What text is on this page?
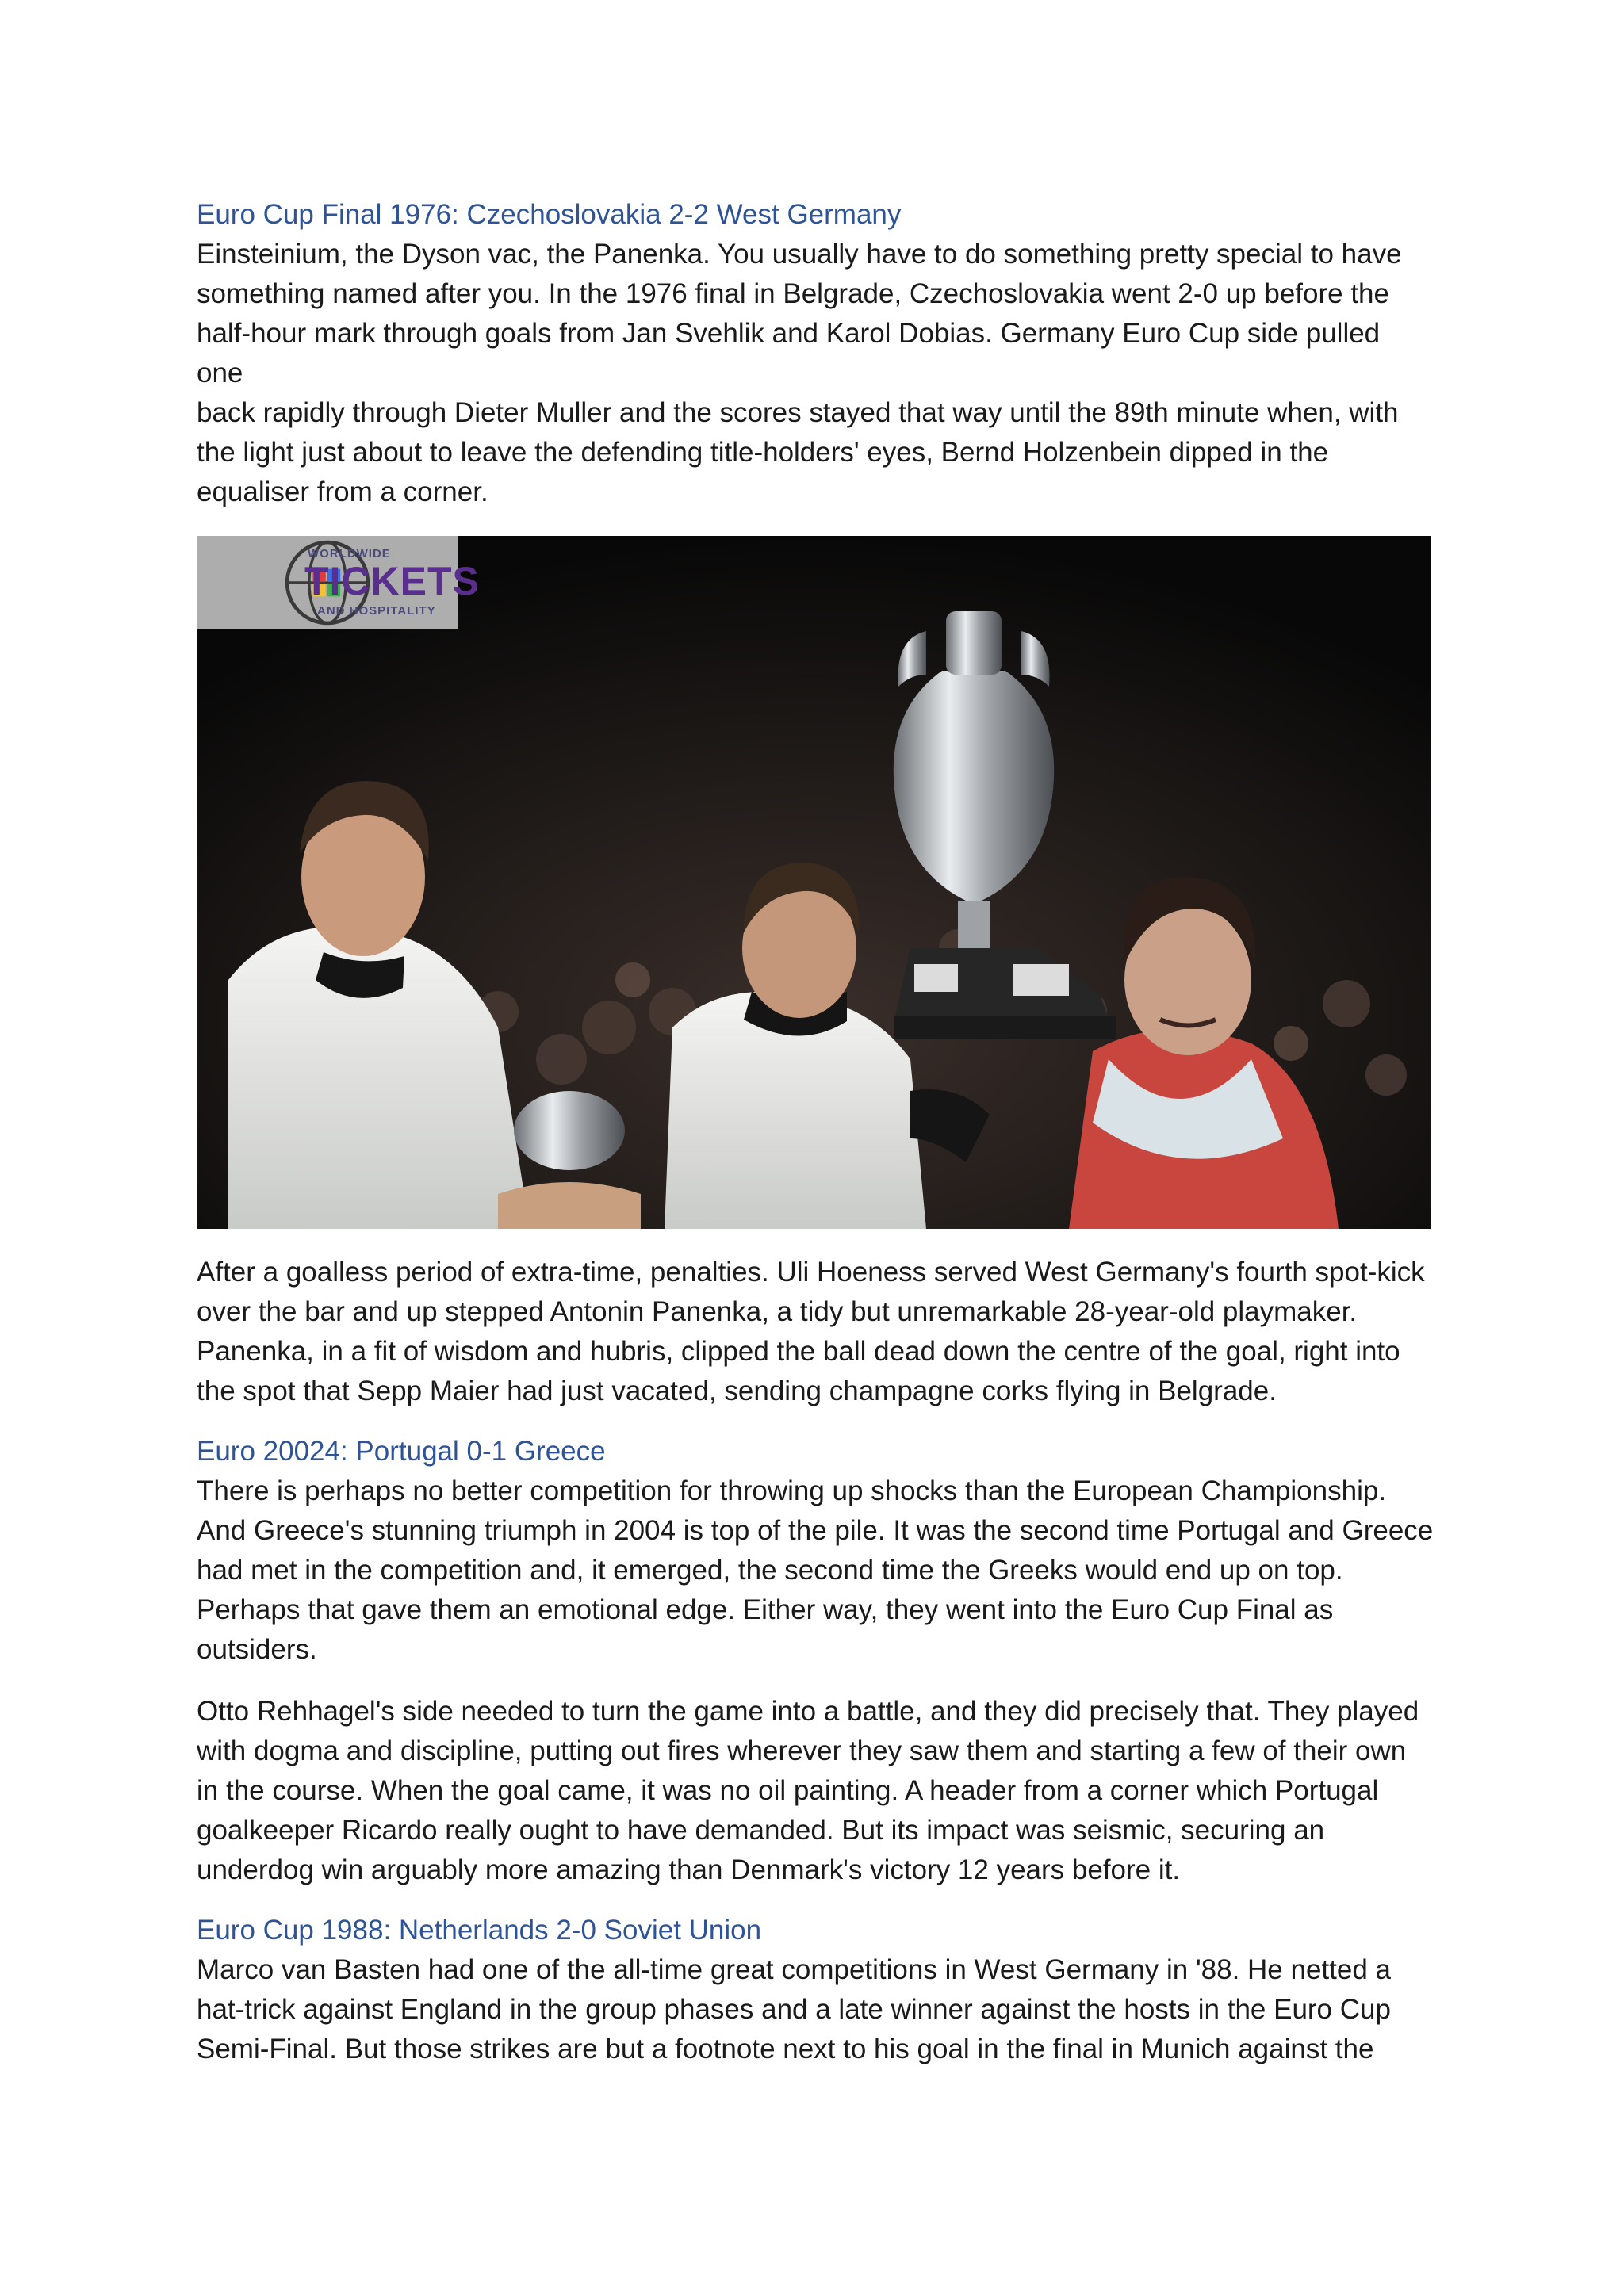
Euro Cup Final 1976: Czechoslovakia 2-2 West Germany

Einsteinium, the Dyson vac, the Panenka. You usually have to do something pretty special to have

something named after you. In the 1976 final in Belgrade, Czechoslovakia went 2-0 up before the

half-hour mark through goals from Jan Svehlik and Karol Dobias. Germany Euro Cup side pulled one

back rapidly through Dieter Muller and the scores stayed that way until the 89th minute when, with

the light just about to leave the defending title-holders' eyes, Bernd Holzenbein dipped in the

equaliser from a corner.

WORLDWIDE
TICKETS
AND HOSPITALITY

After a goalless period of extra-time, penalties. Uli Hoeness served West Germany's fourth spot-kick

over the bar and up stepped Antonin Panenka, a tidy but unremarkable 28-year-old playmaker.

Panenka, in a fit of wisdom and hubris, clipped the ball dead down the centre of the goal, right into

the spot that Sepp Maier had just vacated, sending champagne corks flying in Belgrade.

Euro 20024: Portugal 0-1 Greece

There is perhaps no better competition for throwing up shocks than the European Championship.

And Greece's stunning triumph in 2004 is top of the pile. It was the second time Portugal and Greece

had met in the competition and, it emerged, the second time the Greeks would end up on top.

Perhaps that gave them an emotional edge. Either way, they went into the Euro Cup Final as

outsiders.

Otto Rehhagel's side needed to turn the game into a battle, and they did precisely that. They played

with dogma and discipline, putting out fires wherever they saw them and starting a few of their own

in the course. When the goal came, it was no oil painting. A header from a corner which Portugal

goalkeeper Ricardo really ought to have demanded. But its impact was seismic, securing an

underdog win arguably more amazing than Denmark's victory 12 years before it.

Euro Cup 1988: Netherlands 2-0 Soviet Union

Marco van Basten had one of the all-time great competitions in West Germany in '88. He netted a

hat-trick against England in the group phases and a late winner against the hosts in the Euro Cup

Semi-Final. But those strikes are but a footnote next to his goal in the final in Munich against the
